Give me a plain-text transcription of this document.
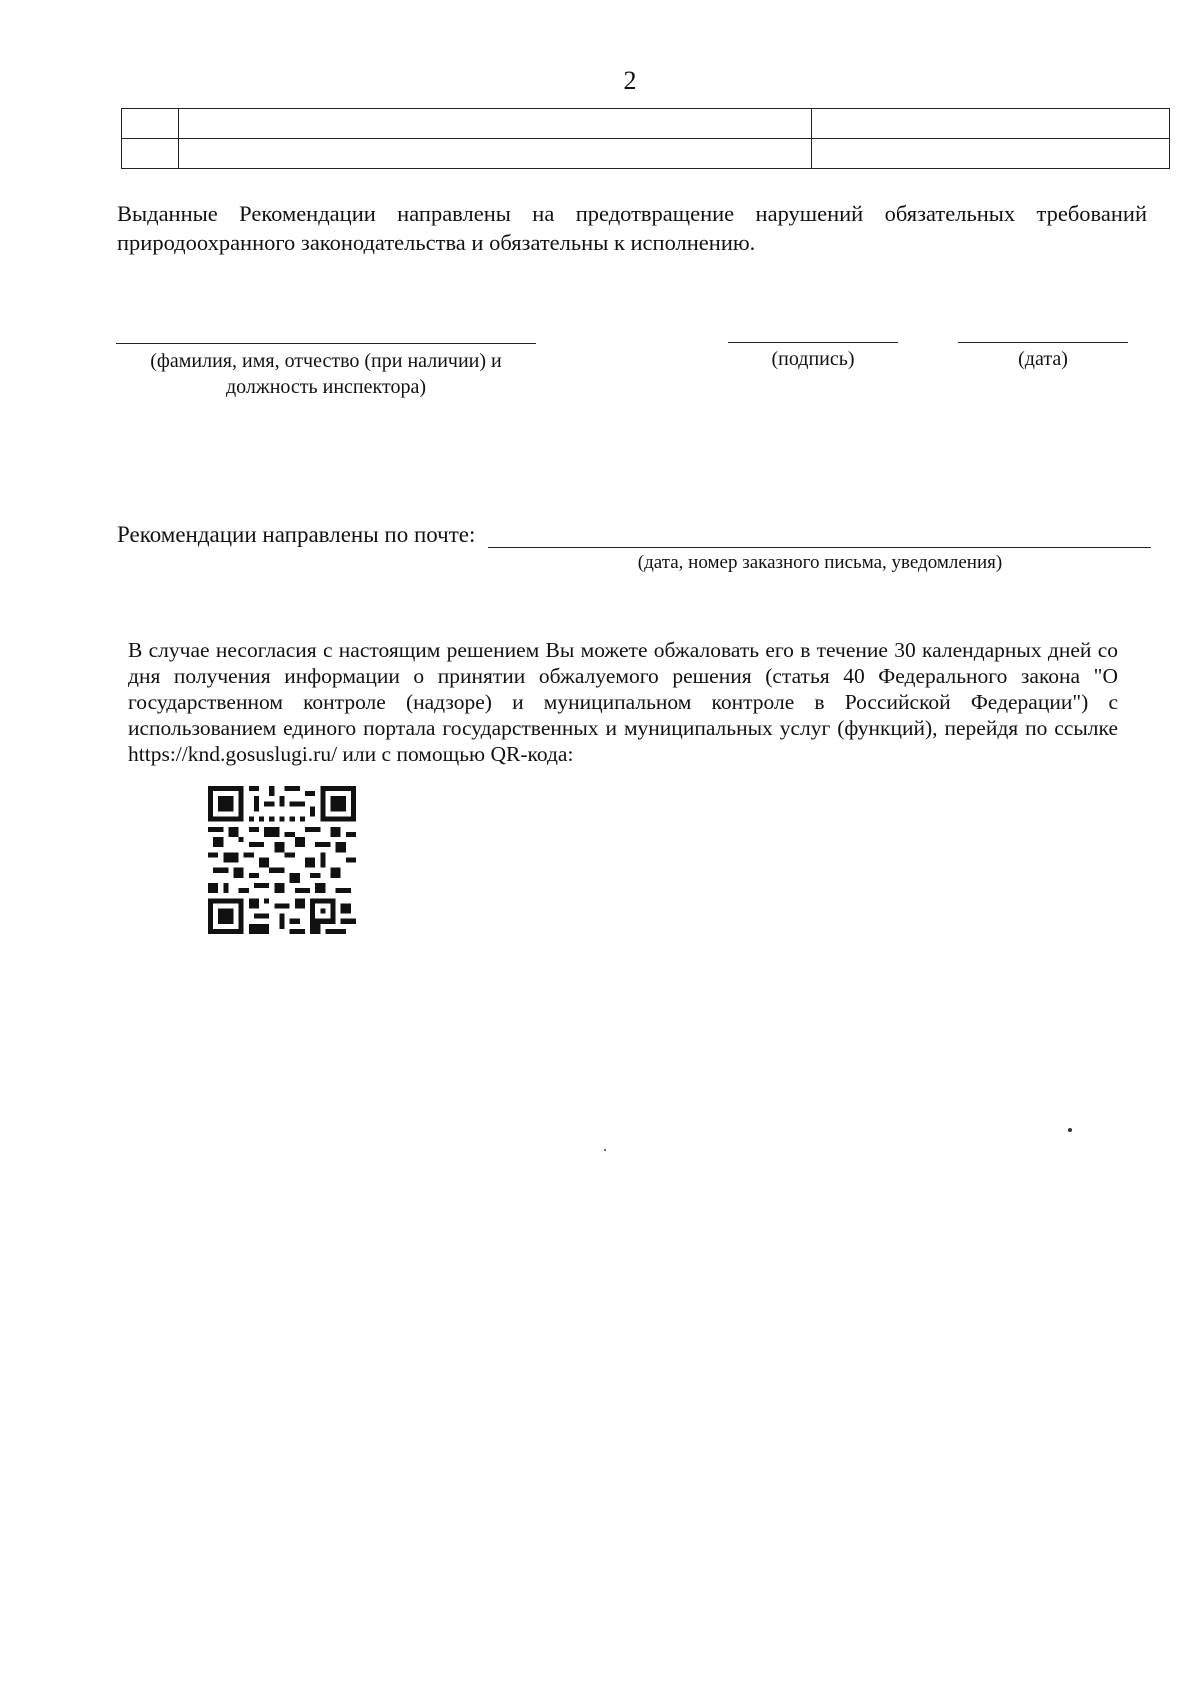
2

Выданные Рекомендации направлены на предотвращение нарушений обязательных требований природоохранного законодательства и обязательны к исполнению.
(фамилия, имя, отчество (при наличии) и должность инспектора)
(подпись)	(дата)
Рекомендации направлены по почте:
(дата, номер заказного письма, уведомления)
В случае несогласия с настоящим решением Вы можете обжаловать его в течение 30 календарных дней со дня получения информации о принятии обжалуемого решения (статья 40 Федерального закона "О государственном контроле (надзоре) и муниципальном контроле в Российской Федерации") с использованием единого портала государственных и муниципальных услуг (функций), перейдя по ссылке https://knd.gosuslugi.ru/ или с помощью QR-кода:
